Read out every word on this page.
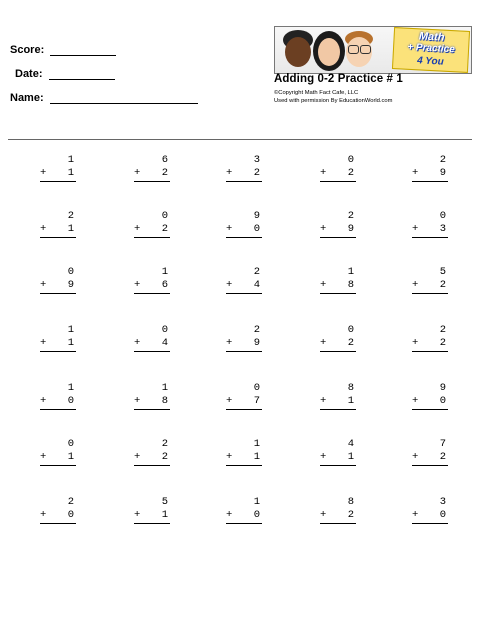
Score:
Date:
Name:
Math
+ Practice
4 You
Adding 0-2 Practice # 1
©Copyright Math Fact Cafe, LLC
Used with permission By EducationWorld.com
1
+ 1
6
+ 2
3
+ 2
0
+ 2
2
+ 9
2
+ 1
0
+ 2
9
+ 0
2
+ 9
0
+ 3
0
+ 9
1
+ 6
2
+ 4
1
+ 8
5
+ 2
1
+ 1
0
+ 4
2
+ 9
0
+ 2
2
+ 2
1
+ 0
1
+ 8
0
+ 7
8
+ 1
9
+ 0
0
+ 1
2
+ 2
1
+ 1
4
+ 1
7
+ 2
2
+ 0
5
+ 1
1
+ 0
8
+ 2
3
+ 0
